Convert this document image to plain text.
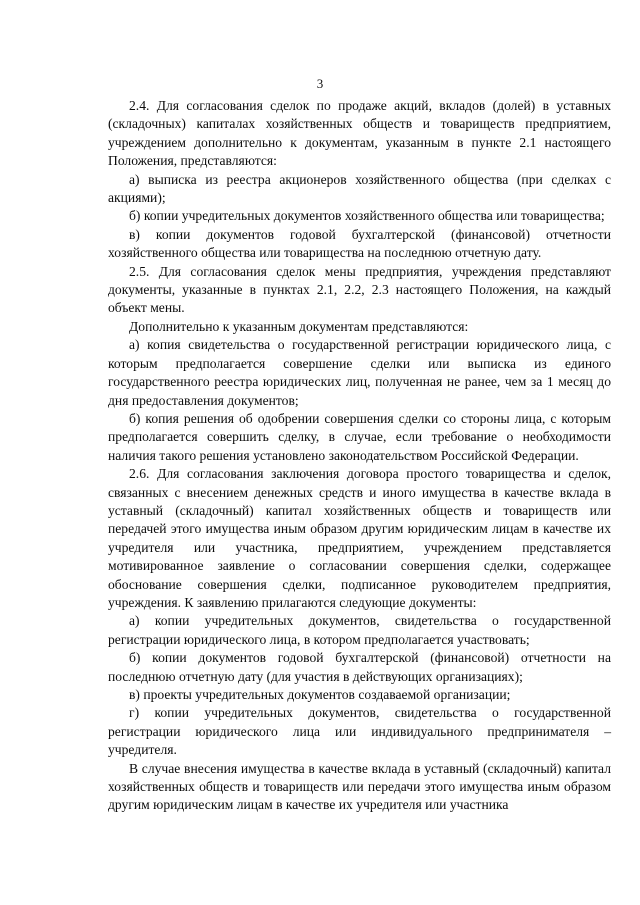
3

2.4. Для согласования сделок по продаже акций, вкладов (долей) в уставных (складочных) капиталах хозяйственных обществ и товариществ предприятием, учреждением дополнительно к документам, указанным в пункте 2.1 настоящего Положения, представляются:

а) выписка из реестра акционеров хозяйственного общества (при сделках с акциями);

б) копии учредительных документов хозяйственного общества или товарищества;

в) копии документов годовой бухгалтерской (финансовой) отчетности хозяйственного общества или товарищества на последнюю отчетную дату.

2.5. Для согласования сделок мены предприятия, учреждения представляют документы, указанные в пунктах 2.1, 2.2, 2.3 настоящего Положения, на каждый объект мены.

Дополнительно к указанным документам представляются:

а) копия свидетельства о государственной регистрации юридического лица, с которым предполагается совершение сделки или выписка из единого государственного реестра юридических лиц, полученная не ранее, чем за 1 месяц до дня предоставления документов;

б) копия решения об одобрении совершения сделки со стороны лица, с которым предполагается совершить сделку, в случае, если требование о необходимости наличия такого решения установлено законодательством Российской Федерации.

2.6. Для согласования заключения договора простого товарищества и сделок, связанных с внесением денежных средств и иного имущества в качестве вклада в уставный (складочный) капитал хозяйственных обществ и товариществ или передачей этого имущества иным образом другим юридическим лицам в качестве их учредителя или участника, предприятием, учреждением представляется мотивированное заявление о согласовании совершения сделки, содержащее обоснование совершения сделки, подписанное руководителем предприятия, учреждения. К заявлению прилагаются следующие документы:

а) копии учредительных документов, свидетельства о государственной регистрации юридического лица, в котором предполагается участвовать;

б) копии документов годовой бухгалтерской (финансовой) отчетности на последнюю отчетную дату (для участия в действующих организациях);

в) проекты учредительных документов создаваемой организации;

г) копии учредительных документов, свидетельства о государственной регистрации юридического лица или индивидуального предпринимателя – учредителя.

В случае внесения имущества в качестве вклада в уставный (складочный) капитал хозяйственных обществ и товариществ или передачи этого имущества иным образом другим юридическим лицам в качестве их учредителя или участника
